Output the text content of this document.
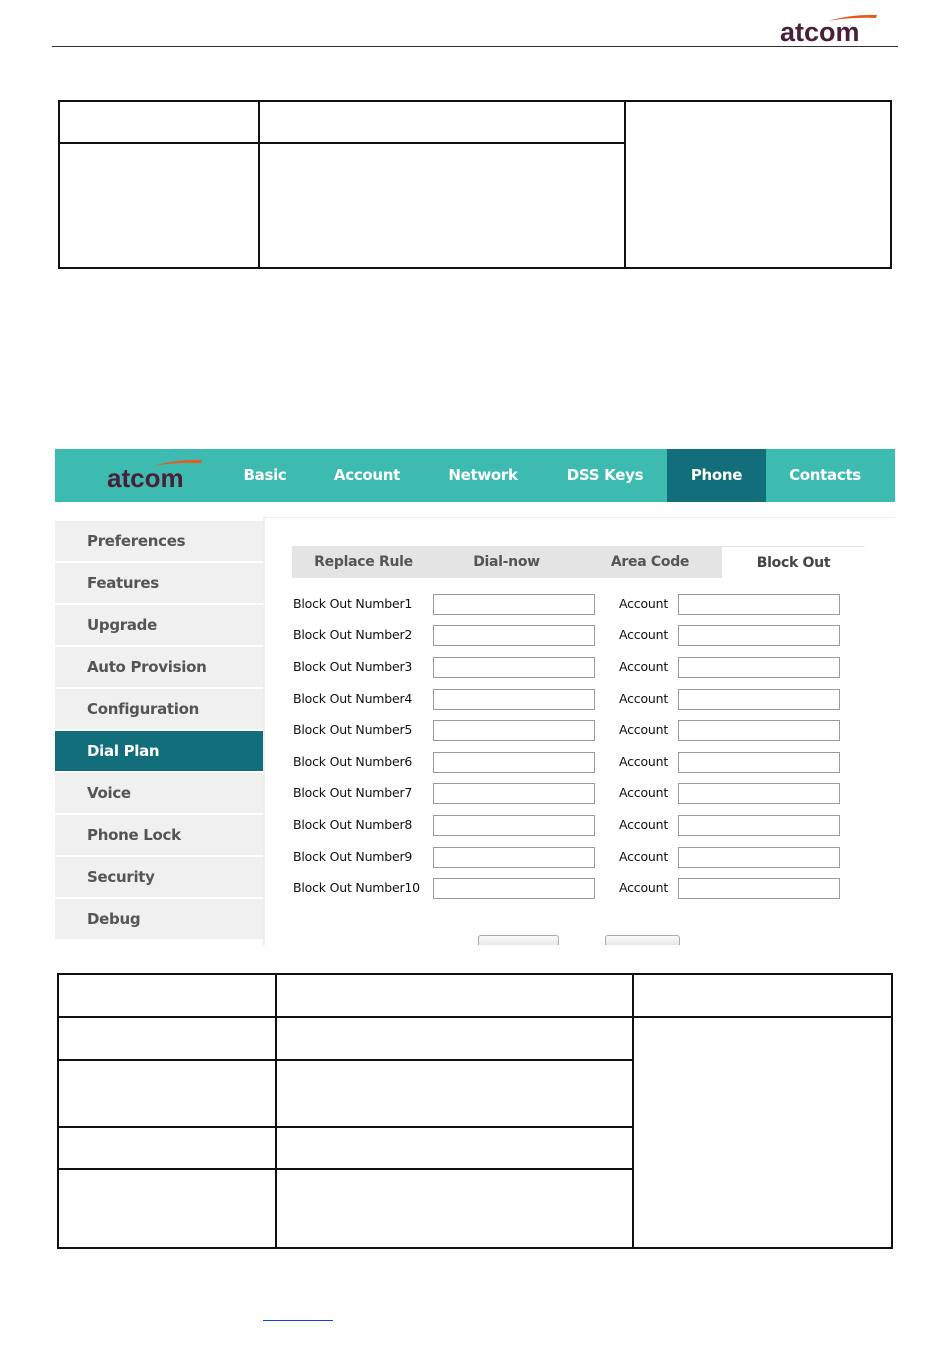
atcom
atcom	Basic	Account	Network	DSS Keys	Phone	Contacts
Preferences
Features
Upgrade
Auto Provision
Configuration
Dial Plan
Voice
Phone Lock
Security
Debug
Replace Rule	Dial-now	Area Code	Block Out
Block Out Number1	Account
Block Out Number2	Account
Block Out Number3	Account
Block Out Number4	Account
Block Out Number5	Account
Block Out Number6	Account
Block Out Number7	Account
Block Out Number8	Account
Block Out Number9	Account
Block Out Number10	Account
